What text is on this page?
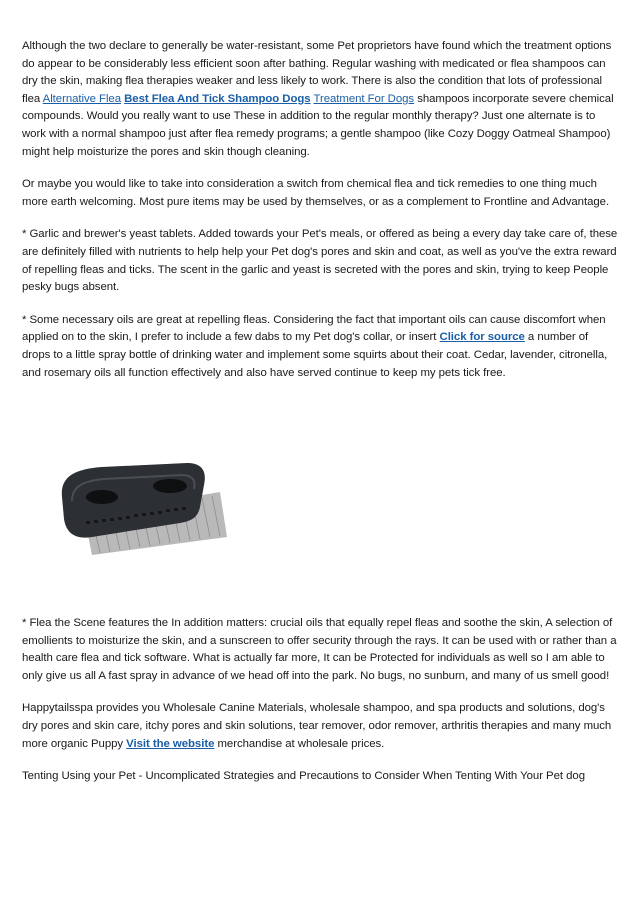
Although the two declare to generally be water-resistant, some Pet proprietors have found which the treatment options do appear to be considerably less efficient soon after bathing. Regular washing with medicated or flea shampoos can dry the skin, making flea therapies weaker and less likely to work. There is also the condition that lots of professional flea Alternative Flea Best Flea And Tick Shampoo Dogs Treatment For Dogs shampoos incorporate severe chemical compounds. Would you really want to use These in addition to the regular monthly therapy? Just one alternate is to work with a normal shampoo just after flea remedy programs; a gentle shampoo (like Cozy Doggy Oatmeal Shampoo) might help moisturize the pores and skin though cleaning.

Or maybe you would like to take into consideration a switch from chemical flea and tick remedies to one thing much more earth welcoming. Most pure items may be used by themselves, or as a complement to Frontline and Advantage.

* Garlic and brewer's yeast tablets. Added towards your Pet's meals, or offered as being a every day take care of, these are definitely filled with nutrients to help help your Pet dog's pores and skin and coat, as well as you've the extra reward of repelling fleas and ticks. The scent in the garlic and yeast is secreted with the pores and skin, trying to keep People pesky bugs absent.

* Some necessary oils are great at repelling fleas. Considering the fact that important oils can cause discomfort when applied on to the skin, I prefer to include a few dabs to my Pet dog's collar, or insert Click for source a number of drops to a little spray bottle of drinking water and implement some squirts about their coat. Cedar, lavender, citronella, and rosemary oils all function effectively and also have served continue to keep my pets tick free.

* Flea the Scene features the In addition matters: crucial oils that equally repel fleas and soothe the skin, A selection of emollients to moisturize the skin, and a sunscreen to offer security through the rays. It can be used with or rather than a health care flea and tick software. What is actually far more, It can be Protected for individuals as well so I am able to only give us all A fast spray in advance of we head off into the park. No bugs, no sunburn, and many of us smell good!

Happytailsspa provides you Wholesale Canine Materials, wholesale shampoo, and spa products and solutions, dog's dry pores and skin care, itchy pores and skin solutions, tear remover, odor remover, arthritis therapies and many much more organic Puppy Visit the website merchandise at wholesale prices.

Tenting Using your Pet - Uncomplicated Strategies and Precautions to Consider When Tenting With Your Pet dog
